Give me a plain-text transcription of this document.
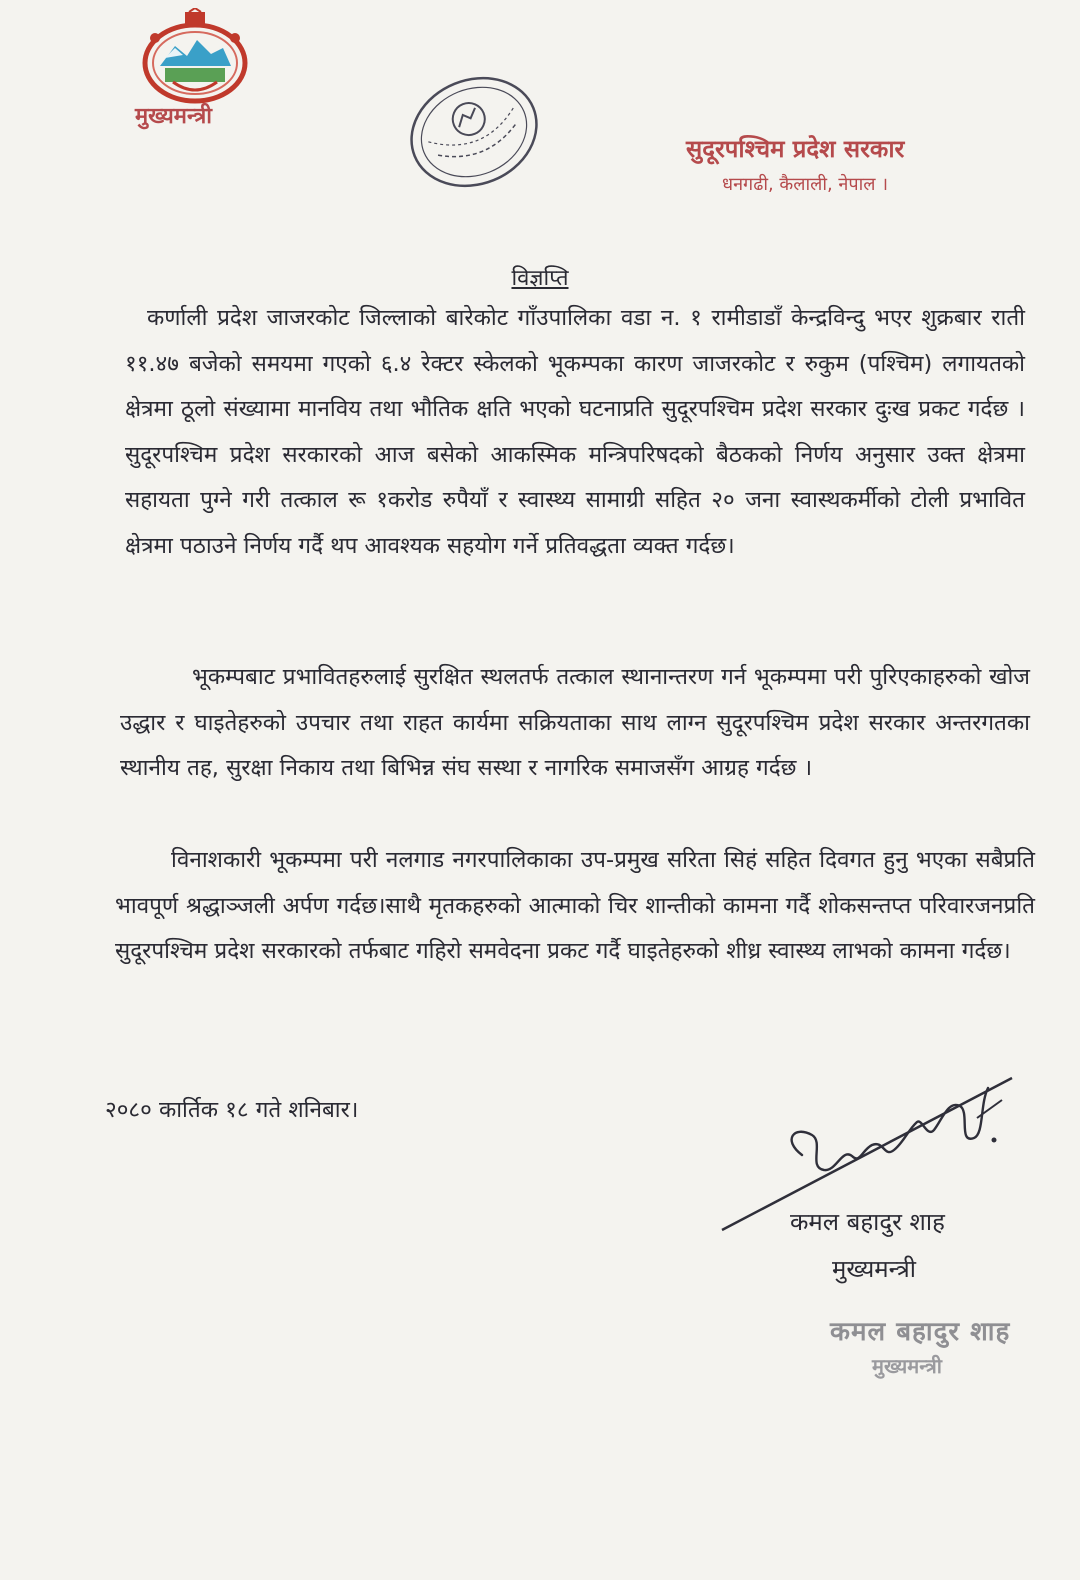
मुख्यमन्त्री
सुदूरपश्चिम प्रदेश सरकार
धनगढी, कैलाली, नेपाल ।
विज्ञप्ति
कर्णाली प्रदेश जाजरकोट जिल्लाको बारेकोट गाँउपालिका वडा न. १ रामीडाडाँ केन्द्रविन्दु भएर शुक्रबार राती ११.४७ बजेको समयमा गएको ६.४ रेक्टर स्केलको भूकम्पका कारण जाजरकोट र रुकुम (पश्चिम) लगायतको क्षेत्रमा ठूलो संख्यामा मानविय तथा भौतिक क्षति भएको घटनाप्रति सुदूरपश्चिम प्रदेश सरकार दुःख प्रकट गर्दछ ।सुदूरपश्चिम प्रदेश सरकारको आज बसेको आकस्मिक मन्त्रिपरिषदको बैठकको निर्णय अनुसार उक्त क्षेत्रमा सहायता पुग्ने गरी तत्काल रू १करोड रुपैयाँ र स्वास्थ्य सामाग्री सहित २० जना स्वास्थकर्मीको टोली प्रभावित क्षेत्रमा पठाउने निर्णय गर्दै थप आवश्यक सहयोग गर्ने प्रतिवद्धता व्यक्त गर्दछ।
भूकम्पबाट प्रभावितहरुलाई सुरक्षित स्थलतर्फ तत्काल स्थानान्तरण गर्न भूकम्पमा परी पुरिएकाहरुको खोज उद्धार र घाइतेहरुको उपचार तथा राहत कार्यमा सक्रियताका साथ लाग्न सुदूरपश्चिम प्रदेश सरकार अन्तरगतका स्थानीय तह, सुरक्षा निकाय तथा बिभिन्न संघ सस्था र नागरिक समाजसँग आग्रह गर्दछ ।
विनाशकारी भूकम्पमा परी नलगाड नगरपालिकाका उप-प्रमुख सरिता सिहं सहित दिवगत हुनु भएका सबैप्रति भावपूर्ण श्रद्धाञ्जली अर्पण गर्दछ।साथै मृतकहरुको आत्माको चिर शान्तीको कामना गर्दै शोकसन्तप्त परिवारजनप्रति सुदूरपश्चिम प्रदेश सरकारको तर्फबाट गहिरो समवेदना प्रकट गर्दै घाइतेहरुको शीध्र स्वास्थ्य लाभको कामना गर्दछ।
२०८० कार्तिक १८ गते शनिबार।
कमल बहादुर शाह
मुख्यमन्त्री
कमल बहादुर शाह
मुख्यमन्त्री
